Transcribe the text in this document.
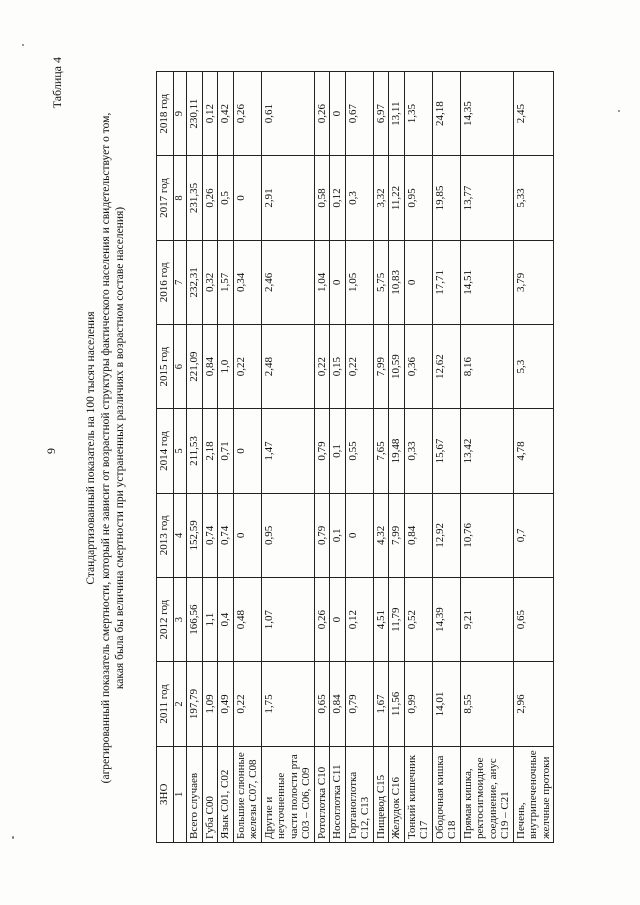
9
Таблица 4
Стандартизованный показатель на 100 тысяч населения (агрегированный показатель смертности, который не зависит от возрастной структуры фактического населения и свидетельствует о том, какая была бы величина смертности при устраненных различиях в возрастном составе населения)
ЗНО	2011 год	2012 год	2013 год	2014 год	2015 год	2016 год	2017 год	2018 год
1	2	3	4	5	6	7	8	9
Всего случаев	197,79	166,56	152,59	211,53	221,09	232,31	231,35	230,11
Губа С00	1,09	1,1	0,74	2,18	0,84	0,32	0,26	0,12
Язык С01, С02	0,49	0,4	0,74	0,71	1,0	1,57	0,5	0,42
Большие слюнные железы С07, С08	0,22	0,48	0	0	0,22	0,34	0	0,26
Другие и неуточненные части полости рта С03 – С06, С09	1,75	1,07	0,95	1,47	2,48	2,46	2,91	0,61
Ротоглотка С10	0,65	0,26	0,79	0,79	0,22	1,04	0,58	0,26
Носоглотка С11	0,84	0	0,1	0,1	0,15	0	0,12	0
Гортаноглотка С12, С13	0,79	0,12	0	0,55	0,22	1,05	0,3	0,67
Пищевод С15	1,67	4,51	4,32	7,65	7,99	5,75	3,32	6,97
Желудок С16	11,56	11,79	7,99	19,48	10,59	10,83	11,22	13,11
Тонкий кишечник С17	0,99	0,52	0,84	0,33	0,36	0	0,95	1,35
Ободочная кишка С18	14,01	14,39	12,92	15,67	12,62	17,71	19,85	24,18
Прямая кишка, ректосигмоидное соединение, анус С19 – С21	8,55	9,21	10,76	13,42	8,16	14,51	13,77	14,35
Печень, внутрипеченочные желчные протоки	2,96	0,65	0,7	4,78	5,3	3,79	5,33	2,45
